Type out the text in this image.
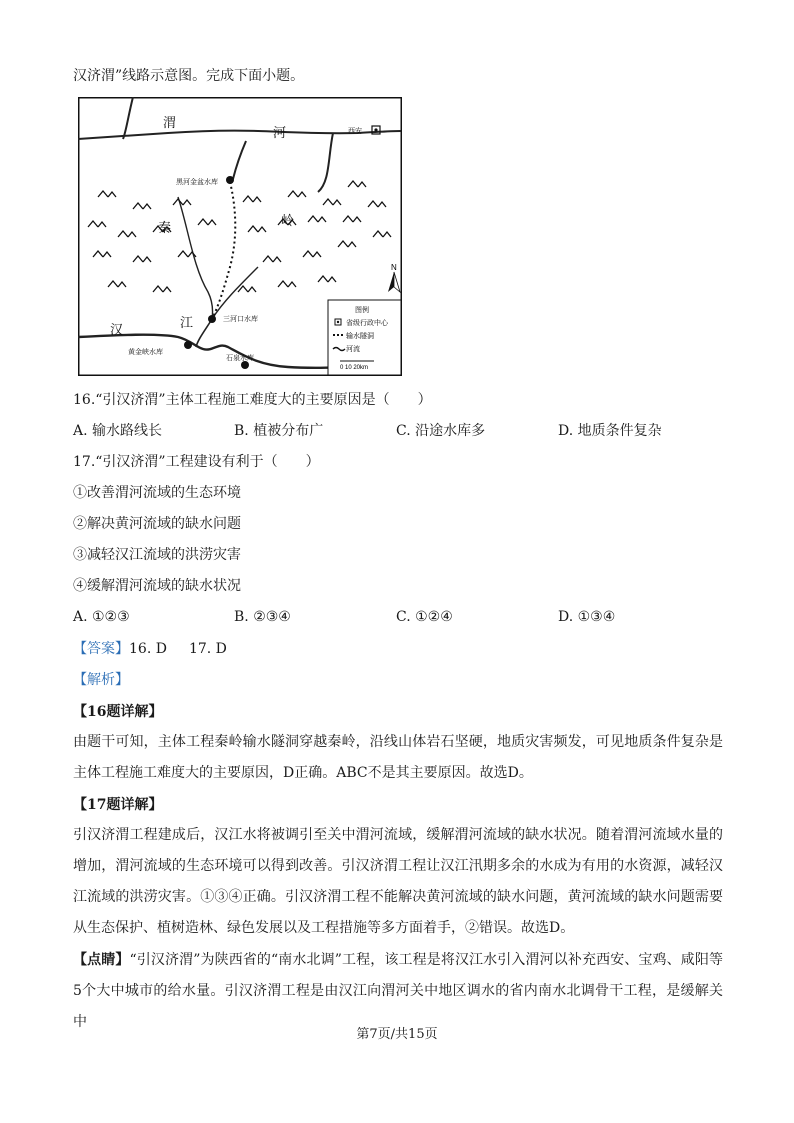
汉济渭”线路示意图。完成下面小题。
N
图例
省级行政中心
输水隧洞
河流
0 10 20km
渭
河	西安
黑河金盆水库
秦	岭
汉	江	三河口水库
黄金峡水库
石泉水库
16.“引汉济渭”主体工程施工难度大的主要原因是（　　）
A. 输水路线长	B. 植被分布广	C. 沿途水库多	D. 地质条件复杂
17.“引汉济渭”工程建设有利于（　　）
①改善渭河流域的生态环境
②解决黄河流域的缺水问题
③减轻汉江流域的洪涝灾害
④缓解渭河流域的缺水状况
A. ①②③	B. ②③④	C. ①②④	D. ①③④
【答案】16. D 17. D
【解析】
【16题详解】
由题干可知，主体工程秦岭输水隧洞穿越秦岭，沿线山体岩石坚硬，地质灾害频发，可见地质条件复杂是主体工程施工难度大的主要原因，D正确。ABC不是其主要原因。故选D。
【17题详解】
引汉济渭工程建成后，汉江水将被调引至关中渭河流域，缓解渭河流域的缺水状况。随着渭河流域水量的增加，渭河流域的生态环境可以得到改善。引汉济渭工程让汉江汛期多余的水成为有用的水资源，减轻汉江流域的洪涝灾害。①③④正确。引汉济渭工程不能解决黄河流域的缺水问题，黄河流域的缺水问题需要从生态保护、植树造林、绿色发展以及工程措施等多方面着手，②错误。故选D。
【点睛】“引汉济渭”为陕西省的“南水北调”工程，该工程是将汉江水引入渭河以补充西安、宝鸡、咸阳等5个大中城市的给水量。引汉济渭工程是由汉江向渭河关中地区调水的省内南水北调骨干工程，是缓解关中
第7页/共15页
